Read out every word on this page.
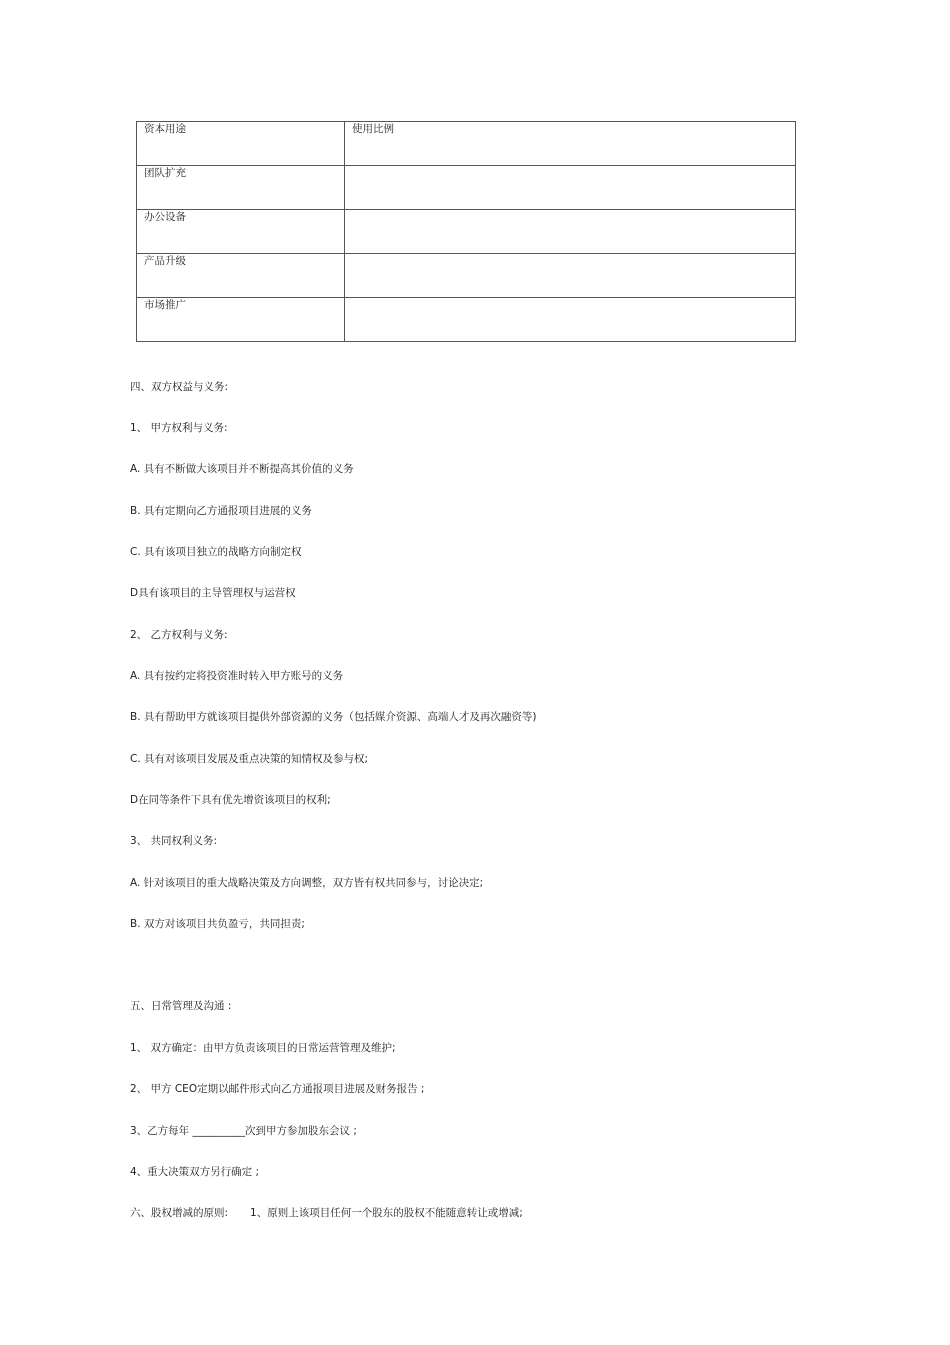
资本用途	使用比例
团队扩充	
办公设备	
产品升级	
市场推广	
四、双方权益与义务:
1、 甲方权利与义务:
A. 具有不断做大该项目并不断提高其价值的义务
B. 具有定期向乙方通报项目进展的义务
C. 具有该项目独立的战略方向制定权
D具有该项目的主导管理权与运营权
2、 乙方权利与义务:
A. 具有按约定将投资准时转入甲方账号的义务
B. 具有帮助甲方就该项目提供外部资源的义务（包括媒介资源、高端人才及再次融资等)
C. 具有对该项目发展及重点决策的知情权及参与权;
D在同等条件下具有优先增资该项目的权利;
3、 共同权利义务:
A. 针对该项目的重大战略决策及方向调整，双方皆有权共同参与，讨论决定;
B. 双方对该项目共负盈亏，共同担责;
五、日常管理及沟通 :
1、 双方确定：由甲方负责该项目的日常运营管理及维护;
2、 甲方 CEO定期以邮件形式向乙方通报项目进展及财务报告 ;
3、乙方每年 __________次到甲方参加股东会议 ;
4、重大决策双方另行确定 ;
六、股权增减的原则: 1、原则上该项目任何一个股东的股权不能随意转让或增减;
